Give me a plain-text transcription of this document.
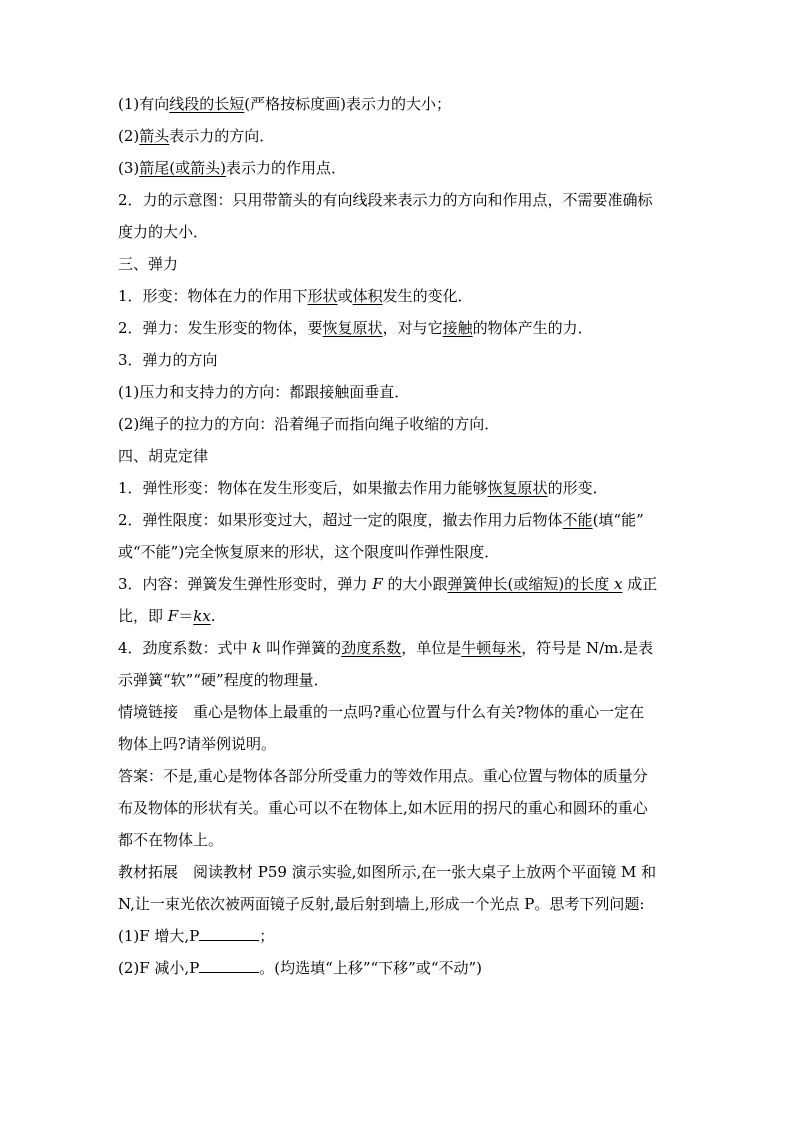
(1)有向线段的长短(严格按标度画)表示力的大小；
(2)箭头表示力的方向．
(3)箭尾(或箭头)表示力的作用点．
2．力的示意图：只用带箭头的有向线段来表示力的方向和作用点，不需要准确标
度力的大小．
三、弹力
1．形变：物体在力的作用下形状或体积发生的变化．
2．弹力：发生形变的物体，要恢复原状，对与它接触的物体产生的力．
3．弹力的方向
(1)压力和支持力的方向：都跟接触面垂直．
(2)绳子的拉力的方向：沿着绳子而指向绳子收缩的方向．
四、胡克定律
1．弹性形变：物体在发生形变后，如果撤去作用力能够恢复原状的形变．
2．弹性限度：如果形变过大，超过一定的限度，撤去作用力后物体不能(填“能”
或“不能”)完全恢复原来的形状，这个限度叫作弹性限度．
3．内容：弹簧发生弹性形变时，弹力 F 的大小跟弹簧伸长(或缩短)的长度 x 成正
比，即 F＝kx.
4．劲度系数：式中 k 叫作弹簧的劲度系数，单位是牛顿每米，符号是 N/m.是表
示弹簧“软”“硬”程度的物理量．
情境链接　重心是物体上最重的一点吗?重心位置与什么有关?物体的重心一定在
物体上吗?请举例说明。
答案：不是,重心是物体各部分所受重力的等效作用点。重心位置与物体的质量分
布及物体的形状有关。重心可以不在物体上,如木匠用的拐尺的重心和圆环的重心
都不在物体上。
教材拓展　阅读教材 P59 演示实验,如图所示,在一张大桌子上放两个平面镜 M 和
N,让一束光依次被两面镜子反射,最后射到墙上,形成一个光点 P。思考下列问题:
(1)F 增大,P	；
(2)F 减小,P	。(均选填“上移”“下移”或“不动”)
